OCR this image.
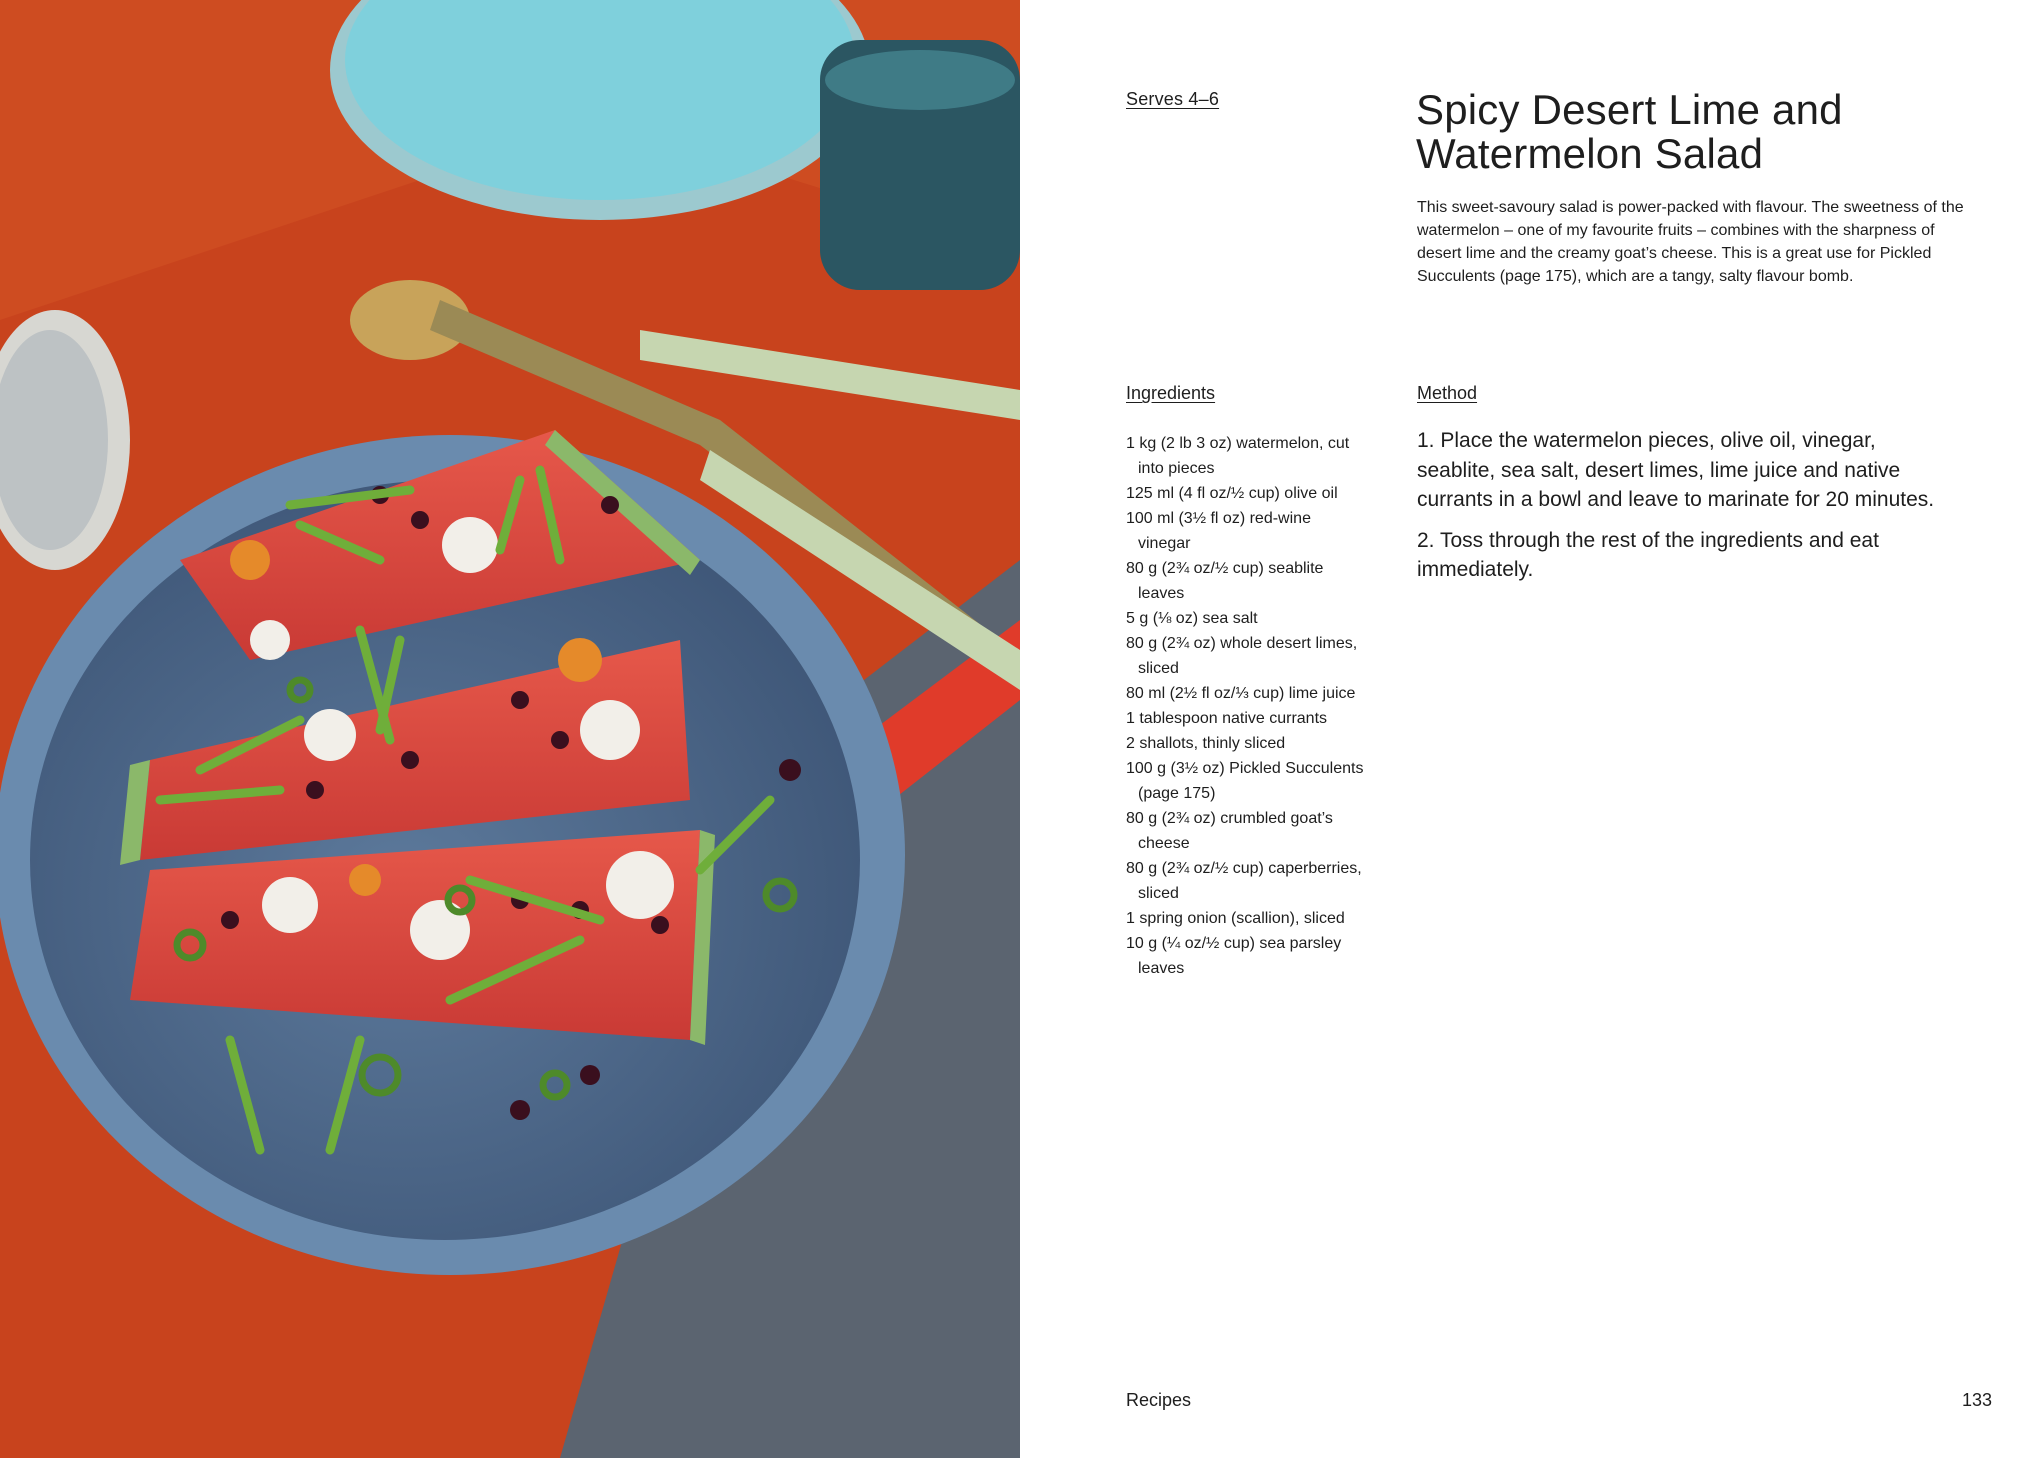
Serves 4–6	Spicy Desert Lime and Watermelon Salad

This sweet-savoury salad is power-packed with flavour. The sweetness of the watermelon – one of my favourite fruits – combines with the sharpness of desert lime and the creamy goat’s cheese. This is a great use for Pickled Succulents (page 175), which are a tangy, salty flavour bomb.

Ingredients
1 kg (2 lb 3 oz) watermelon, cut into pieces
125 ml (4 fl oz/½ cup) olive oil
100 ml (3½ fl oz) red-wine vinegar
80 g (2¾ oz/½ cup) seablite leaves
5 g (⅛ oz) sea salt
80 g (2¾ oz) whole desert limes, sliced
80 ml (2½ fl oz/⅓ cup) lime juice
1 tablespoon native currants
2 shallots, thinly sliced
100 g (3½ oz) Pickled Succulents (page 175)
80 g (2¾ oz) crumbled goat’s cheese
80 g (2¾ oz/½ cup) caperberries, sliced
1 spring onion (scallion), sliced
10 g (¼ oz/½ cup) sea parsley leaves
Method
1. Place the watermelon pieces, olive oil, vinegar, seablite, sea salt, desert limes, lime juice and native currants in a bowl and leave to marinate for 20 minutes.
2. Toss through the rest of the ingredients and eat immediately.
Recipes	133
